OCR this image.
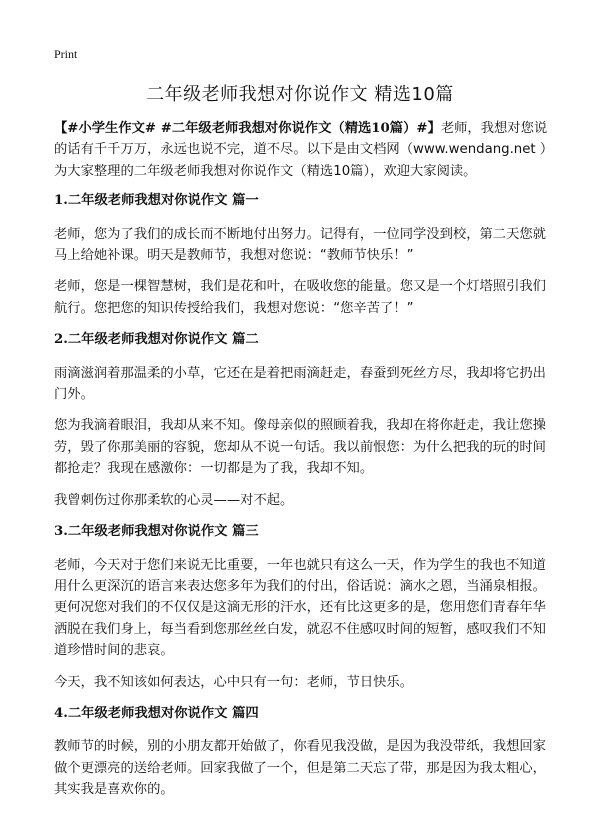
Print
二年级老师我想对你说作文 精选10篇

【#小学生作文# #二年级老师我想对你说作文（精选10篇）#】老师，我想对您说的话有千千万万，永远也说不完，道不尽。以下是由文档网（www.wendang.net ）为大家整理的二年级老师我想对你说作文（精选10篇），欢迎大家阅读。

1.二年级老师我想对你说作文 篇一

老师，您为了我们的成长而不断地付出努力。记得有，一位同学没到校，第二天您就马上给她补课。明天是教师节，我想对您说：“教师节快乐！”

老师，您是一棵智慧树，我们是花和叶，在吸收您的能量。您又是一个灯塔照引我们航行。您把您的知识传授给我们，我想对您说：“您辛苦了！”

2.二年级老师我想对你说作文 篇二

雨滴滋润着那温柔的小草，它还在是着把雨滴赶走，春蚕到死丝方尽，我却将它扔出门外。

您为我滴着眼泪，我却从来不知。像母亲似的照顾着我，我却在将你赶走，我让您操劳，毁了你那美丽的容貌，您却从不说一句话。我以前恨您：为什么把我的玩的时间都抢走？我现在感激你：一切都是为了我，我却不知。

我曾刺伤过你那柔软的心灵——对不起。

3.二年级老师我想对你说作文 篇三

老师，今天对于您们来说无比重要，一年也就只有这么一天，作为学生的我也不知道用什么更深沉的语言来表达您多年为我们的付出，俗话说：滴水之恩，当涌泉相报。更何况您对我们的不仅仅是这滴无形的汗水，还有比这更多的是，您用您们青春年华洒脱在我们身上，每当看到您那丝丝白发，就忍不住感叹时间的短暂，感叹我们不知道珍惜时间的悲哀。

今天，我不知该如何表达，心中只有一句：老师，节日快乐。

4.二年级老师我想对你说作文 篇四

教师节的时候，别的小朋友都开始做了，你看见我没做，是因为我没带纸，我想回家做个更漂亮的送给老师。回家我做了一个，但是第二天忘了带，那是因为我太粗心，其实我是喜欢你的。
